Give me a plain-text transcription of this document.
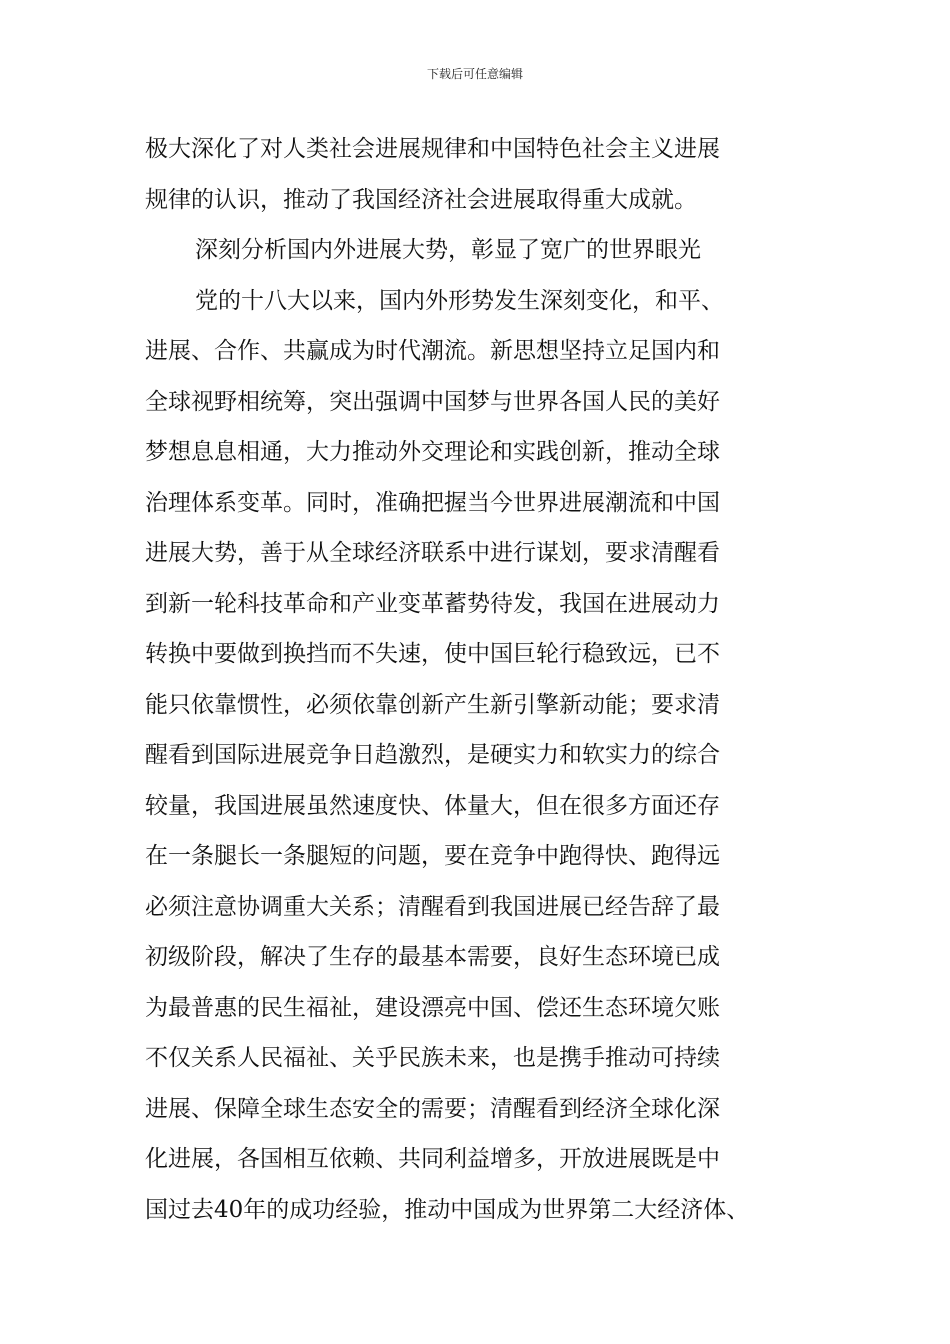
下载后可任意编辑
极大深化了对人类社会进展规律和中国特色社会主义进展
规律的认识，推动了我国经济社会进展取得重大成就。
深刻分析国内外进展大势，彰显了宽广的世界眼光
党的十八大以来，国内外形势发生深刻变化，和平、
进展、合作、共赢成为时代潮流。新思想坚持立足国内和
全球视野相统筹，突出强调中国梦与世界各国人民的美好
梦想息息相通，大力推动外交理论和实践创新，推动全球
治理体系变革。同时，准确把握当今世界进展潮流和中国
进展大势，善于从全球经济联系中进行谋划，要求清醒看
到新一轮科技革命和产业变革蓄势待发，我国在进展动力
转换中要做到换挡而不失速，使中国巨轮行稳致远，已不
能只依靠惯性，必须依靠创新产生新引擎新动能；要求清
醒看到国际进展竞争日趋激烈，是硬实力和软实力的综合
较量，我国进展虽然速度快、体量大，但在很多方面还存
在一条腿长一条腿短的问题，要在竞争中跑得快、跑得远
必须注意协调重大关系；清醒看到我国进展已经告辞了最
初级阶段，解决了生存的最基本需要，良好生态环境已成
为最普惠的民生福祉，建设漂亮中国、偿还生态环境欠账
不仅关系人民福祉、关乎民族未来，也是携手推动可持续
进展、保障全球生态安全的需要；清醒看到经济全球化深
化进展，各国相互依赖、共同利益增多，开放进展既是中
国过去40年的成功经验，推动中国成为世界第二大经济体、
